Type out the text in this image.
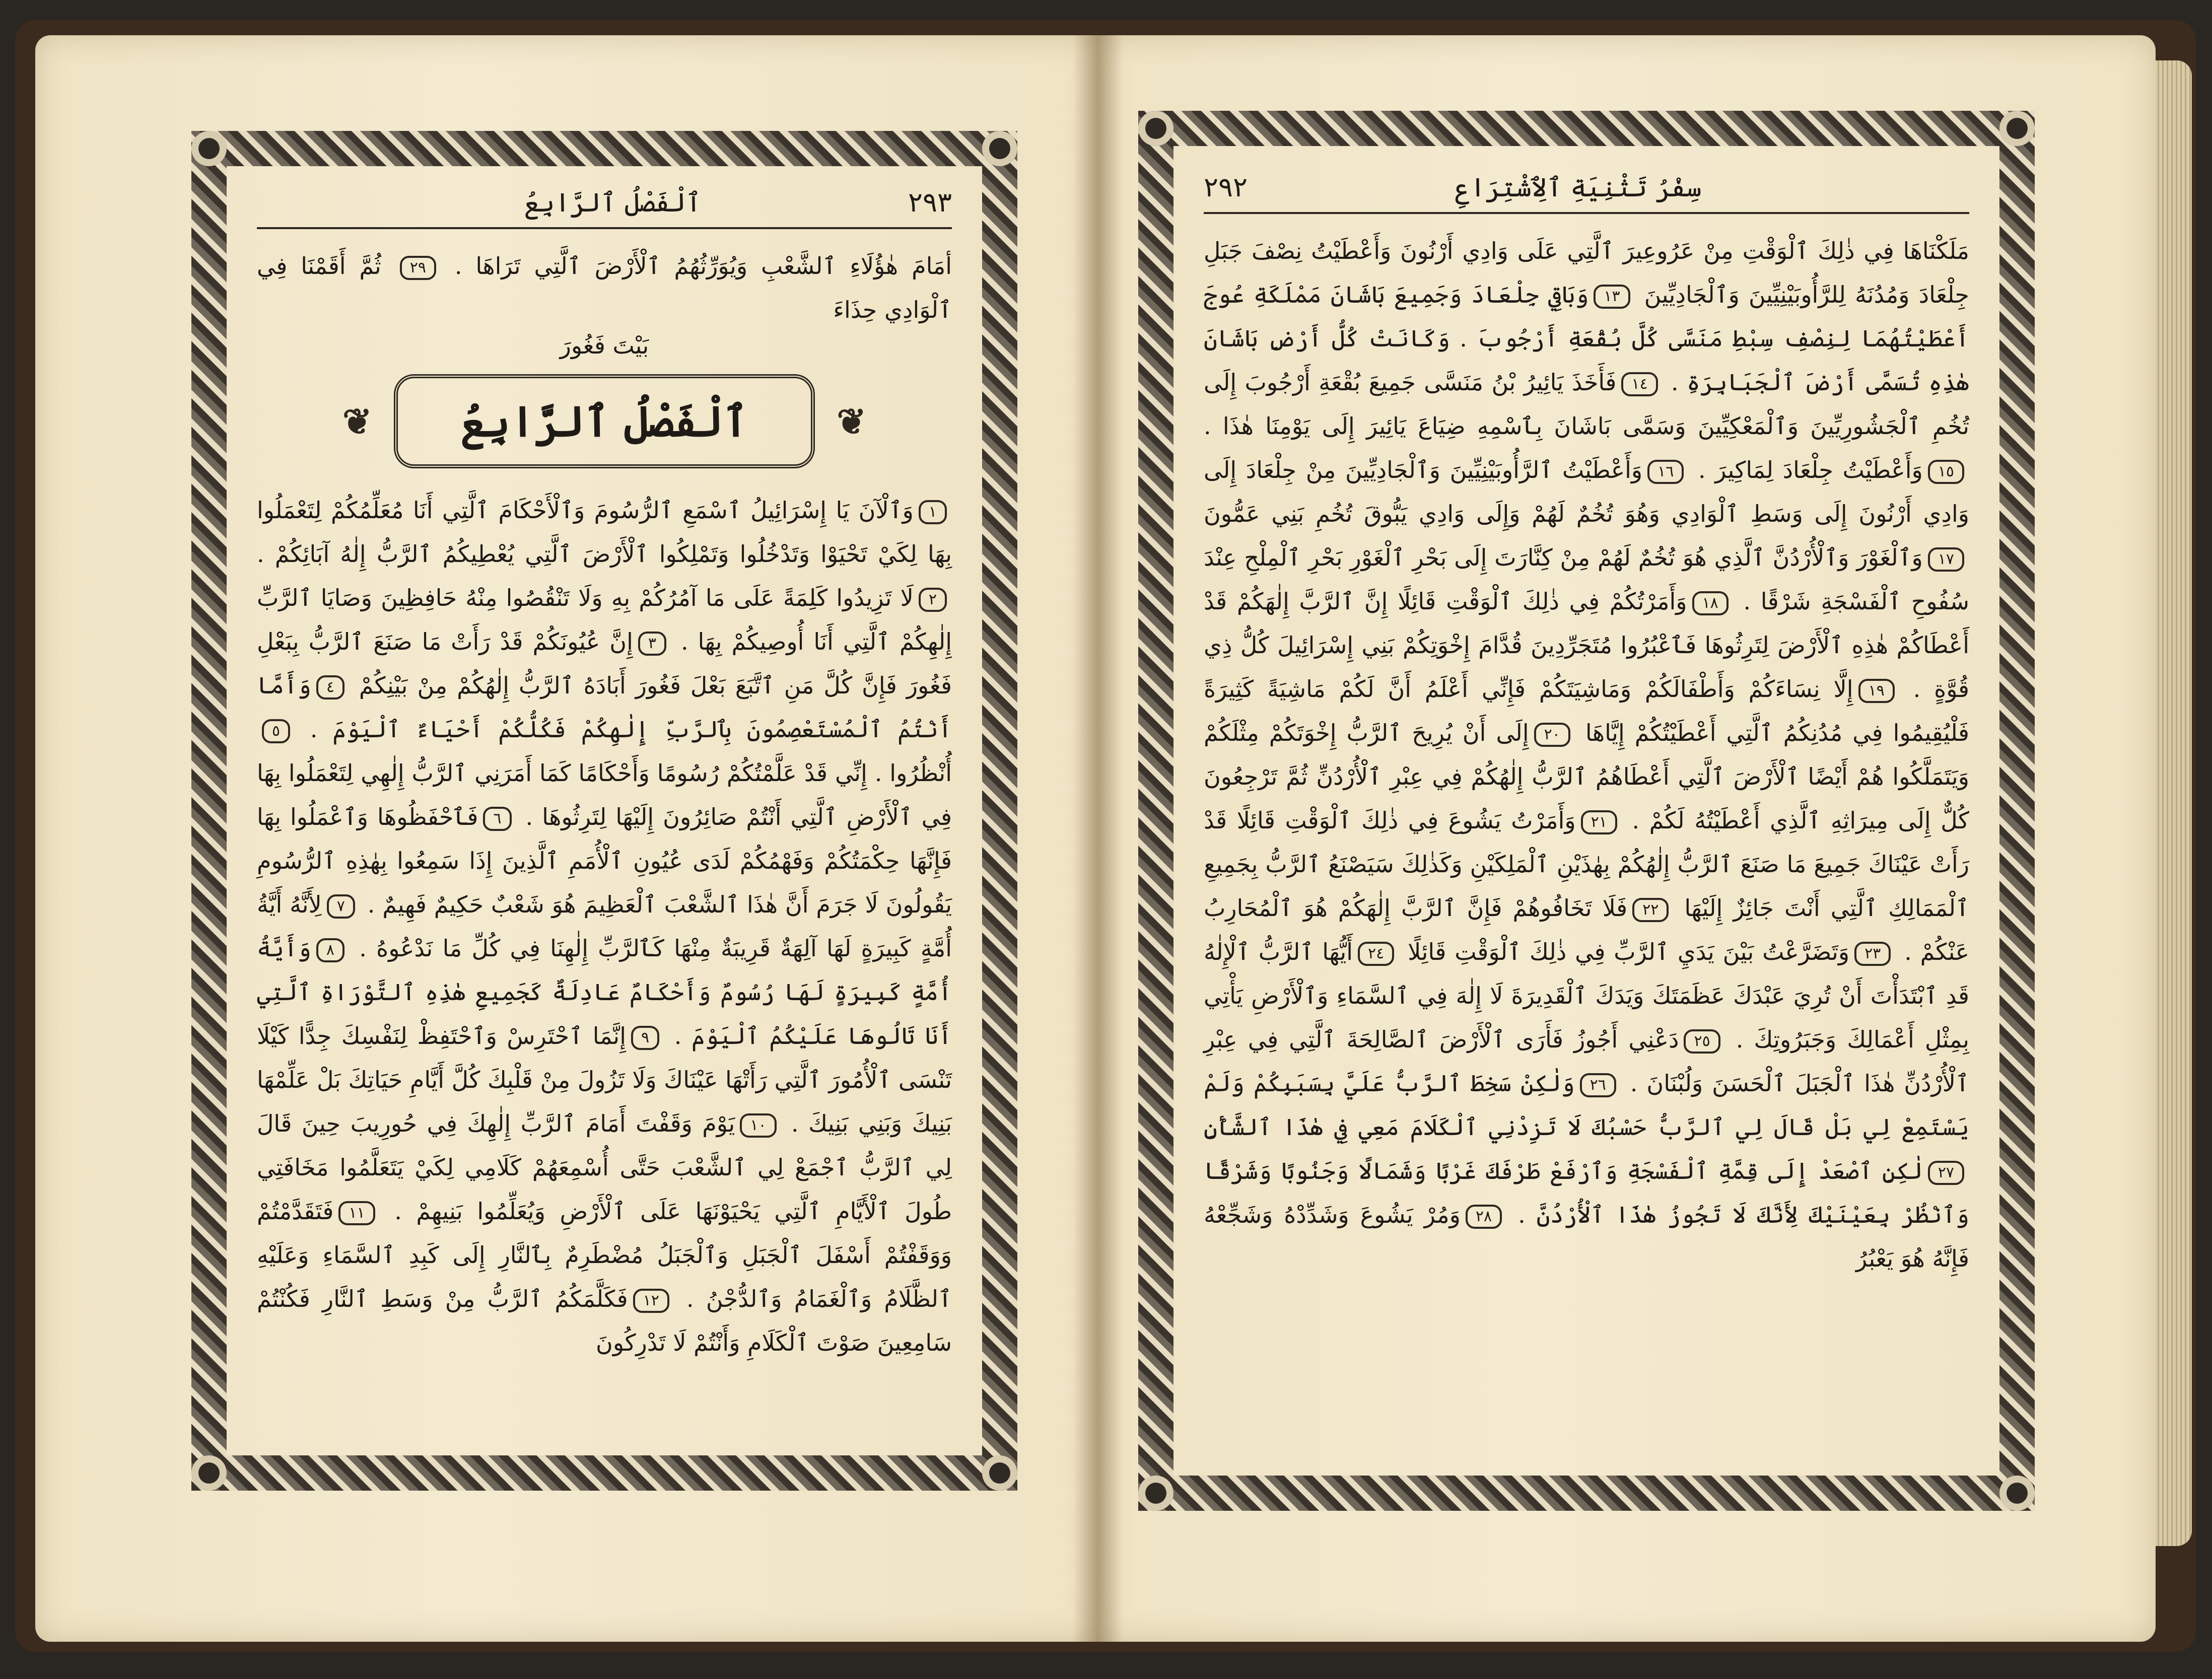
٢٩٣
ٱلْفَصْلُ ٱلرَّابِعُ

أمَامَ هٰؤُلَاءِ ٱلشَّعْبِ وَيُوَرِّثُهُمُ ٱلْأَرْضَ ٱلَّتِي تَرَاهَا . ٢٩ ثُمَّ أَقَمْنَا فِي ٱلْوَادِي حِذَاءَ

بَيْتَ فَغُورَ

❦
ٱلْفَصْلُ ٱلرَّابِعُ
❦

١وَٱلْآنَ يَا إِسْرَائِيلُ ٱسْمَعِ ٱلرُّسُومَ وَٱلْأَحْكَامَ ٱلَّتِي أَنَا مُعَلِّمُكُمْ لِتَعْمَلُوا بِهَا لِكَيْ تَحْيَوْا وَتَدْخُلُوا وَتَمْلِكُوا ٱلْأَرْضَ ٱلَّتِي يُعْطِيكُمُ ٱلرَّبُّ إِلٰهُ آبَائِكُمْ . ٢لَا تَزِيدُوا كَلِمَةً عَلَى مَا آمُرُكُمْ بِهِ وَلَا تَنْقُصُوا مِنْهُ حَافِظِينَ وَصَايَا ٱلرَّبِّ إِلٰهِكُمْ ٱلَّتِي أَنَا أُوصِيكُمْ بِهَا . ٣إِنَّ عُيُونَكُمْ قَدْ رَأَتْ مَا صَنَعَ ٱلرَّبُّ بِبَعْلِ فَغُورَ فَإِنَّ كُلَّ مَنِ ٱتَّبَعَ بَعْلَ فَغُورَ أَبَادَهُ ٱلرَّبُّ إِلٰهُكُمْ مِنْ بَيْنِكُمْ ٤وَأَمَّا أَنْتُمُ ٱلْمُسْتَعْصِمُونَ بِٱلرَّبِّ إِلٰهِكُمْ فَكُلُّكُمْ أَحْيَاءٌ ٱلْيَوْمَ . ٥أُنْظُرُوا . إِنِّي قَدْ عَلَّمْتُكُمْ رُسُومًا وَأَحْكَامًا كَمَا أَمَرَنِي ٱلرَّبُّ إِلٰهِي لِتَعْمَلُوا بِهَا فِي ٱلْأَرْضِ ٱلَّتِي أَنْتُمْ صَائِرُونَ إِلَيْهَا لِتَرِثُوهَا . ٦فَٱحْفَظُوهَا وَٱعْمَلُوا بِهَا فَإِنَّهَا حِكْمَتُكُمْ وَفَهْمُكُمْ لَدَى عُيُونِ ٱلْأُمَمِ ٱلَّذِينَ إِذَا سَمِعُوا بِهٰذِهِ ٱلرُّسُومِ يَقُولُونَ لَا جَرَمَ أَنَّ هٰذَا ٱلشَّعْبَ ٱلْعَظِيمَ هُوَ شَعْبٌ حَكِيمٌ فَهِيمٌ . ٧لِأَنَّهُ أَيَّةُ أُمَّةٍ كَبِيرَةٍ لَهَا آلِهَةٌ قَرِيبَةٌ مِنْهَا كَٱلرَّبِّ إِلٰهِنَا فِي كُلِّ مَا نَدْعُوهُ . ٨وَأَيَّةُ أُمَّةٍ كَبِيرَةٍ لَهَا رُسُومٌ وَأَحْكَامٌ عَادِلَةٌ كَجَمِيعِ هٰذِهِ ٱلتَّوْرَاةِ ٱلَّتِي أَنَا تَالُوهَا عَلَيْكُمُ ٱلْيَوْمَ . ٩إِنَّمَا ٱحْتَرِسْ وَٱحْتَفِظْ لِنَفْسِكَ جِدًّا كَيْلَا تَنْسَى ٱلْأُمُورَ ٱلَّتِي رَأَتْهَا عَيْنَاكَ وَلَا تَزُولَ مِنْ قَلْبِكَ كُلَّ أَيَّامِ حَيَاتِكَ بَلْ عَلِّمْهَا بَنِيكَ وَبَنِي بَنِيكَ . ١٠يَوْمَ وَقَفْتَ أَمَامَ ٱلرَّبِّ إِلٰهِكَ فِي حُورِيبَ حِينَ قَالَ لِي ٱلرَّبُّ ٱجْمَعْ لِي ٱلشَّعْبَ حَتَّى أُسْمِعَهُمْ كَلَامِي لِكَيْ يَتَعَلَّمُوا مَخَافَتِي طُولَ ٱلْأَيَّامِ ٱلَّتِي يَحْيَوْنَهَا عَلَى ٱلْأَرْضِ وَيُعَلِّمُوا بَنِيهِمْ . ١١فَتَقَدَّمْتُمْ وَوَقَفْتُمْ أَسْفَلَ ٱلْجَبَلِ وَٱلْجَبَلُ مُضْطَرِمٌ بِٱلنَّارِ إِلَى كَبِدِ ٱلسَّمَاءِ وَعَلَيْهِ ٱلظَّلَامُ وَٱلْغَمَامُ وَٱلدُّجْنُ . ١٢فَكَلَّمَكُمُ ٱلرَّبُّ مِنْ وَسَطِ ٱلنَّارِ فَكُنْتُمْ سَامِعِينَ صَوْتَ ٱلْكَلَامِ وَأَنْتُمْ لَا تَدْرِكُونَ

سِفْرُ تَثْنِيَةِ ٱلِٱشْتِرَاعِ
٢٩٢

مَلَكْنَاهَا فِي ذٰلِكَ ٱلْوَقْتِ مِنْ عَرُوعِيرَ ٱلَّتِي عَلَى وَادِي أَرْنُونَ وَأَعْطَيْتُ نِصْفَ جَبَلِ جِلْعَادَ وَمُدُنَهُ لِلرَّأُوبَيْنِيِّينَ وَٱلْجَادِيِّينَ ١٣وَبَاقِي جِلْعَادَ وَجَمِيعَ بَاشَانَ مَمْلَكَةِ عُوجَ أَعْطَيْتُهُمَا لِنِصْفِ سِبْطِ مَنَسَّى كُلَّ بُقْعَةِ أَرْجُوبَ . وَكَانَتْ كُلُّ أَرْضِ بَاشَانَ هٰذِهِ تُسَمَّى أَرْضَ ٱلْجَبَابِرَةِ . ١٤فَأَخَذَ يَائِيرُ بْنُ مَنَسَّى جَمِيعَ بُقْعَةِ أَرْجُوبَ إِلَى تُخُمِ ٱلْجَشُورِيِّينَ وَٱلْمَعْكِيِّينَ وَسَمَّى بَاشَانَ بِٱسْمِهِ ضِيَاعَ يَائِيرَ إِلَى يَوْمِنَا هٰذَا . ١٥وَأَعْطَيْتُ جِلْعَادَ لِمَاكِيرَ . ١٦وَأَعْطَيْتُ ٱلرَّأُوبَيْنِيِّينَ وَٱلْجَادِيِّينَ مِنْ جِلْعَادَ إِلَى وَادِي أَرْنُونَ إِلَى وَسَطِ ٱلْوَادِي وَهُوَ تُخُمٌ لَهُمْ وَإِلَى وَادِي يَبُّوقَ تُخُمِ بَنِي عَمُّونَ ١٧وَٱلْغَوْرَ وَٱلْأُرْدُنَّ ٱلَّذِي هُوَ تُخُمٌ لَهُمْ مِنْ كِنَّارَتَ إِلَى بَحْرِ ٱلْغَوْرِ بَحْرِ ٱلْمِلْحِ عِنْدَ سُفُوحِ ٱلْفَسْجَةِ شَرْقًا . ١٨وَأَمَرْتُكُمْ فِي ذٰلِكَ ٱلْوَقْتِ قَائِلًا إِنَّ ٱلرَّبَّ إِلٰهَكُمْ قَدْ أَعْطَاكُمْ هٰذِهِ ٱلْأَرْضَ لِتَرِثُوهَا فَٱعْبُرُوا مُتَجَرِّدِينَ قُدَّامَ إِخْوَتِكُمْ بَنِي إِسْرَائِيلَ كُلُّ ذِي قُوَّةٍ . ١٩إِلَّا نِسَاءَكُمْ وَأَطْفَالَكُمْ وَمَاشِيَتَكُمْ فَإِنِّي أَعْلَمُ أَنَّ لَكُمْ مَاشِيَةً كَثِيرَةً فَلْيُقِيمُوا فِي مُدُنِكُمُ ٱلَّتِي أَعْطَيْتُكُمْ إِيَّاهَا ٢٠إِلَى أَنْ يُرِيحَ ٱلرَّبُّ إِخْوَتَكُمْ مِثْلَكُمْ وَيَتَمَلَّكُوا هُمْ أَيْضًا ٱلْأَرْضَ ٱلَّتِي أَعْطَاهُمُ ٱلرَّبُّ إِلٰهُكُمْ فِي عِبْرِ ٱلْأُرْدُنِّ ثُمَّ تَرْجِعُونَ كُلٌّ إِلَى مِيرَاثِهِ ٱلَّذِي أَعْطَيْتُهُ لَكُمْ . ٢١وَأَمَرْتُ يَشُوعَ فِي ذٰلِكَ ٱلْوَقْتِ قَائِلًا قَدْ رَأَتْ عَيْنَاكَ جَمِيعَ مَا صَنَعَ ٱلرَّبُّ إِلٰهُكُمْ بِهٰذَيْنِ ٱلْمَلِكَيْنِ وَكَذٰلِكَ سَيَصْنَعُ ٱلرَّبُّ بِجَمِيعِ ٱلْمَمَالِكِ ٱلَّتِي أَنْتَ جَائِزٌ إِلَيْهَا ٢٢فَلَا تَخَافُوهُمْ فَإِنَّ ٱلرَّبَّ إِلٰهَكُمْ هُوَ ٱلْمُحَارِبُ عَنْكُمْ . ٢٣وَتَضَرَّعْتُ بَيْنَ يَدَيِ ٱلرَّبِّ فِي ذٰلِكَ ٱلْوَقْتِ قَائِلًا ٢٤أَيُّهَا ٱلرَّبُّ ٱلْإِلٰهُ قَدِ ٱبْتَدَأْتَ أَنْ تُرِيَ عَبْدَكَ عَظَمَتَكَ وَيَدَكَ ٱلْقَدِيرَةَ لَا إِلٰهَ فِي ٱلسَّمَاءِ وَٱلْأَرْضِ يَأْتِي بِمِثْلِ أَعْمَالِكَ وَجَبَرُوتِكَ . ٢٥دَعْنِي أَجُوزُ فَأَرَى ٱلْأَرْضَ ٱلصَّالِحَةَ ٱلَّتِي فِي عِبْرِ ٱلْأُرْدُنِّ هٰذَا ٱلْجَبَلَ ٱلْحَسَنَ وَلُبْنَانَ . ٢٦وَلٰكِنْ سَخِطَ ٱلرَّبُّ عَلَيَّ بِسَبَبِكُمْ وَلَمْ يَسْتَمِعْ لِي بَلْ قَالَ لِي ٱلرَّبُّ حَسْبُكَ لَا تَزِدْنِي ٱلْكَلَامَ مَعِي فِي هٰذَا ٱلشَّأْنِ ٢٧لٰكِنِ ٱصْعَدْ إِلَى قِمَّةِ ٱلْفَسْجَةِ وَٱرْفَعْ طَرْفَكَ غَرْبًا وَشَمَالًا وَجَنُوبًا وَشَرْقًا وَٱنْظُرْ بِعَيْنَيْكَ لِأَنَّكَ لَا تَجُوزُ هٰذَا ٱلْأُرْدُنَّ . ٢٨وَمُرْ يَشُوعَ وَشَدِّدْهُ وَشَجِّعْهُ فَإِنَّهُ هُوَ يَعْبُرُ
